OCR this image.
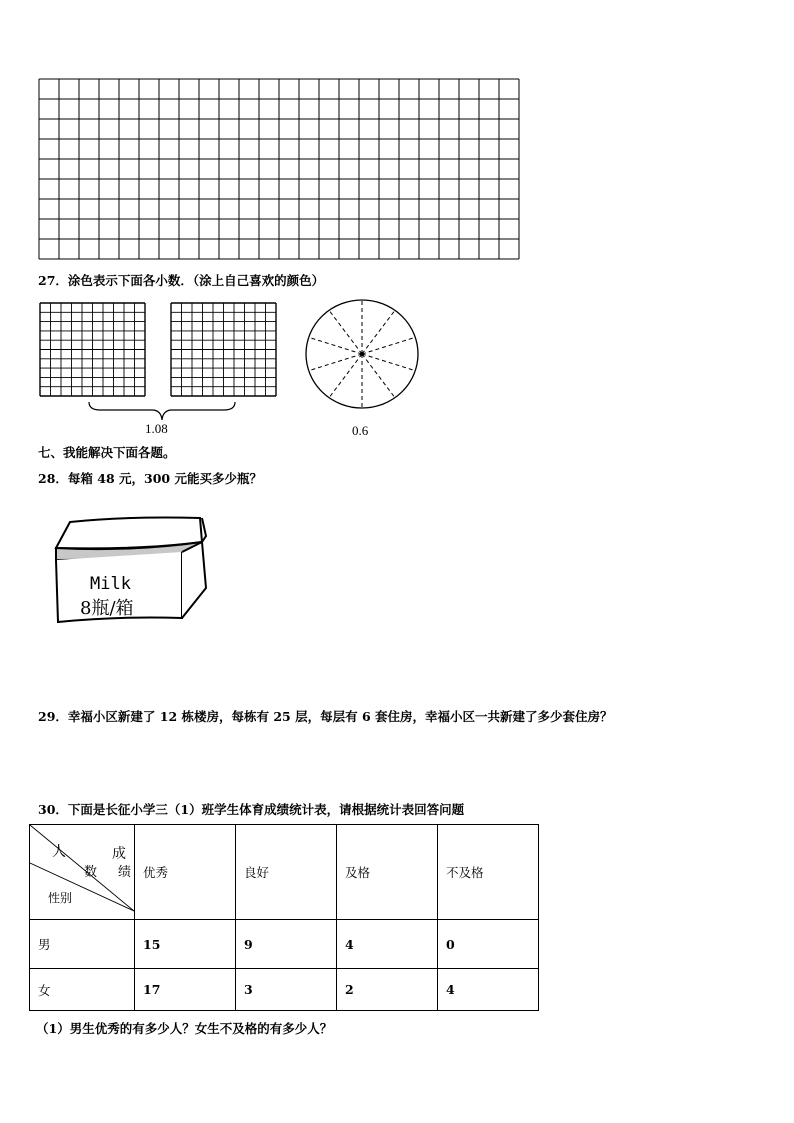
27．涂色表示下面各小数．（涂上自己喜欢的颜色）
1.08	0.6
七、我能解决下面各题。
28．每箱 48 元，300 元能买多少瓶？
Milk
8瓶/箱
29．幸福小区新建了 12 栋楼房，每栋有 25 层，每层有 6 套住房，幸福小区一共新建了多少套住房？
30．下面是长征小学三（1）班学生体育成绩统计表，请根据统计表回答问题
人
数
成
绩
性别	优秀	良好	及格	不及格
男	15	9	4	0
女	17	3	2	4
（1）男生优秀的有多少人？女生不及格的有多少人？
